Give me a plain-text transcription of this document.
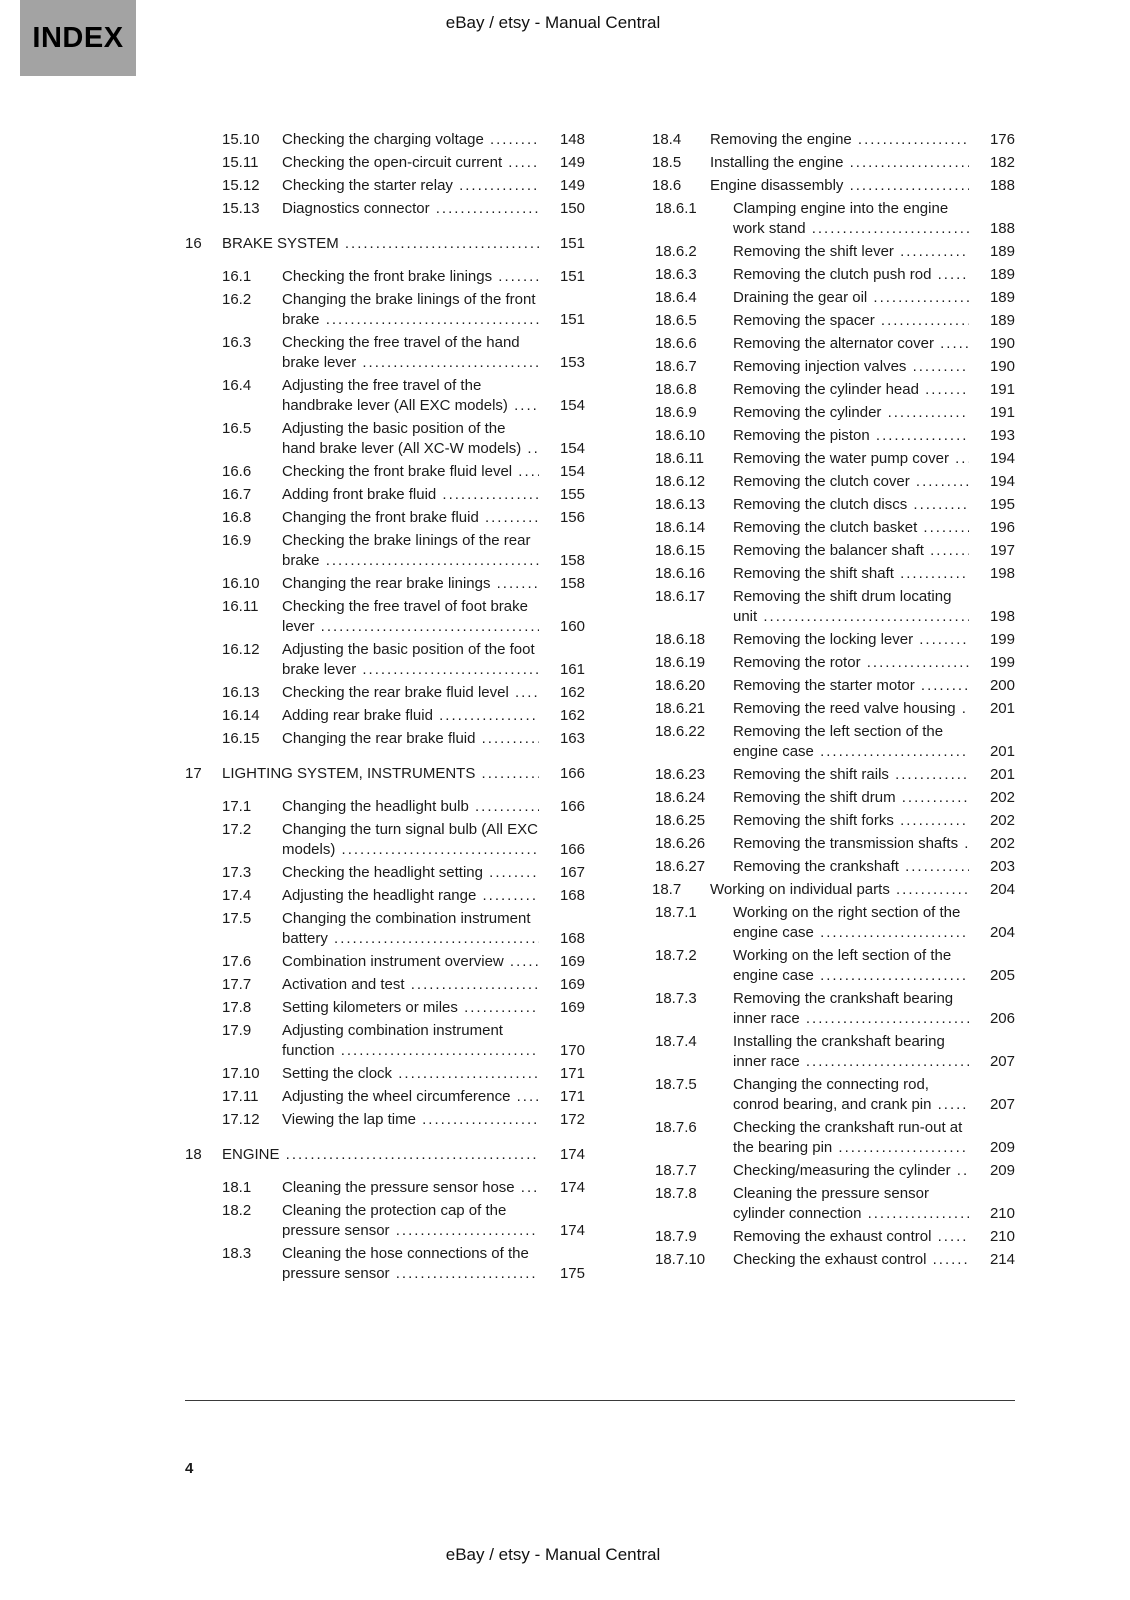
INDEX	eBay / etsy - Manual Central
15.10	Checking the charging voltage .....	148
15.11	Checking the open-circuit current .....	149
15.12	Checking the starter relay .....	149
15.13	Diagnostics connector .....	150
16	BRAKE SYSTEM .....	151
16.1	Checking the front brake linings .....	151
16.2	Changing the brake linings of the front brake .....	151
16.3	Checking the free travel of the hand brake lever .....	153
16.4	Adjusting the free travel of the handbrake lever (All EXC models) .....	154
16.5	Adjusting the basic position of the hand brake lever (All XC-W models) .....	154
16.6	Checking the front brake fluid level .....	154
16.7	Adding front brake fluid .....	155
16.8	Changing the front brake fluid .....	156
16.9	Checking the brake linings of the rear brake .....	158
16.10	Changing the rear brake linings .....	158
16.11	Checking the free travel of foot brake lever .....	160
16.12	Adjusting the basic position of the foot brake lever .....	161
16.13	Checking the rear brake fluid level .....	162
16.14	Adding rear brake fluid .....	162
16.15	Changing the rear brake fluid .....	163
17	LIGHTING SYSTEM, INSTRUMENTS .....	166
17.1	Changing the headlight bulb .....	166
17.2	Changing the turn signal bulb (All EXC models) .....	166
17.3	Checking the headlight setting .....	167
17.4	Adjusting the headlight range .....	168
17.5	Changing the combination instrument battery .....	168
17.6	Combination instrument overview .....	169
17.7	Activation and test .....	169
17.8	Setting kilometers or miles .....	169
17.9	Adjusting combination instrument function .....	170
17.10	Setting the clock .....	171
17.11	Adjusting the wheel circumference .....	171
17.12	Viewing the lap time .....	172
18	ENGINE .....	174
18.1	Cleaning the pressure sensor hose .....	174
18.2	Cleaning the protection cap of the pressure sensor .....	174
18.3	Cleaning the hose connections of the pressure sensor .....	175
18.4	Removing the engine .....	176
18.5	Installing the engine .....	182
18.6	Engine disassembly .....	188
18.6.1	Clamping engine into the engine work stand .....	188
18.6.2	Removing the shift lever .....	189
18.6.3	Removing the clutch push rod .....	189
18.6.4	Draining the gear oil .....	189
18.6.5	Removing the spacer .....	189
18.6.6	Removing the alternator cover .....	190
18.6.7	Removing injection valves .....	190
18.6.8	Removing the cylinder head .....	191
18.6.9	Removing the cylinder .....	191
18.6.10	Removing the piston .....	193
18.6.11	Removing the water pump cover .....	194
18.6.12	Removing the clutch cover .....	194
18.6.13	Removing the clutch discs .....	195
18.6.14	Removing the clutch basket .....	196
18.6.15	Removing the balancer shaft .....	197
18.6.16	Removing the shift shaft .....	198
18.6.17	Removing the shift drum locating unit .....	198
18.6.18	Removing the locking lever .....	199
18.6.19	Removing the rotor .....	199
18.6.20	Removing the starter motor .....	200
18.6.21	Removing the reed valve housing .....	201
18.6.22	Removing the left section of the engine case .....	201
18.6.23	Removing the shift rails .....	201
18.6.24	Removing the shift drum .....	202
18.6.25	Removing the shift forks .....	202
18.6.26	Removing the transmission shafts .....	202
18.6.27	Removing the crankshaft .....	203
18.7	Working on individual parts .....	204
18.7.1	Working on the right section of the engine case .....	204
18.7.2	Working on the left section of the engine case .....	205
18.7.3	Removing the crankshaft bearing inner race .....	206
18.7.4	Installing the crankshaft bearing inner race .....	207
18.7.5	Changing the connecting rod, conrod bearing, and crank pin .....	207
18.7.6	Checking the crankshaft run-out at the bearing pin .....	209
18.7.7	Checking/measuring the cylinder .....	209
18.7.8	Cleaning the pressure sensor cylinder connection .....	210
18.7.9	Removing the exhaust control .....	210
18.7.10	Checking the exhaust control .....	214
4
eBay / etsy - Manual Central
